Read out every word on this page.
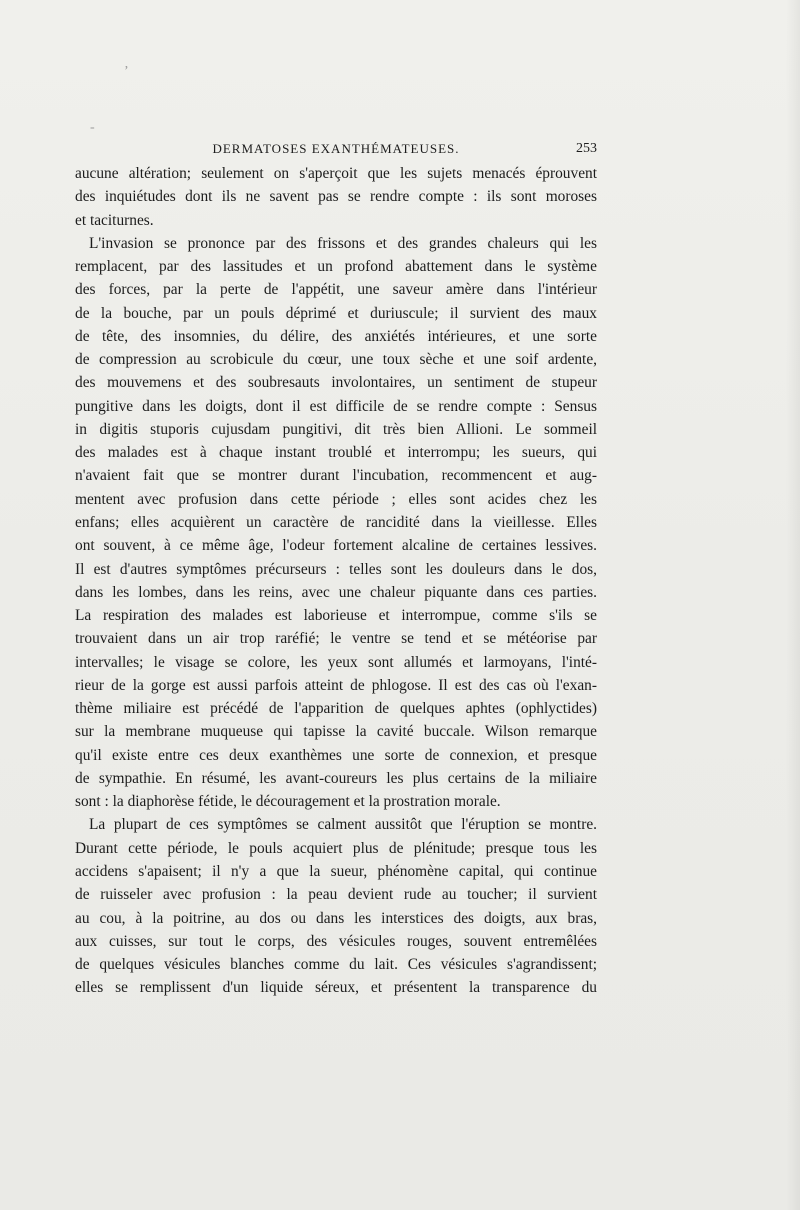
ʼ
‐
DERMATOSES EXANTHÉMATEUSES.	253
aucune altération; seulement on s'aperçoit que les sujets menacés éprouvent
des inquiétudes dont ils ne savent pas se rendre compte : ils sont moroses
et taciturnes.
L'invasion se prononce par des frissons et des grandes chaleurs qui les
remplacent, par des lassitudes et un profond abattement dans le système
des forces, par la perte de l'appétit, une saveur amère dans l'intérieur
de la bouche, par un pouls déprimé et duriuscule; il survient des maux
de tête, des insomnies, du délire, des anxiétés intérieures, et une sorte
de compression au scrobicule du cœur, une toux sèche et une soif ardente,
des mouvemens et des soubresauts involontaires, un sentiment de stupeur
pungitive dans les doigts, dont il est difficile de se rendre compte : Sensus
in digitis stuporis cujusdam pungitivi, dit très bien Allioni. Le sommeil
des malades est à chaque instant troublé et interrompu; les sueurs, qui
n'avaient fait que se montrer durant l'incubation, recommencent et aug-
mentent avec profusion dans cette période ; elles sont acides chez les
enfans; elles acquièrent un caractère de rancidité dans la vieillesse. Elles
ont souvent, à ce même âge, l'odeur fortement alcaline de certaines lessives.
Il est d'autres symptômes précurseurs : telles sont les douleurs dans le dos,
dans les lombes, dans les reins, avec une chaleur piquante dans ces parties.
La respiration des malades est laborieuse et interrompue, comme s'ils se
trouvaient dans un air trop raréfié; le ventre se tend et se météorise par
intervalles; le visage se colore, les yeux sont allumés et larmoyans, l'inté-
rieur de la gorge est aussi parfois atteint de phlogose. Il est des cas où l'exan-
thème miliaire est précédé de l'apparition de quelques aphtes (ophlyctides)
sur la membrane muqueuse qui tapisse la cavité buccale. Wilson remarque
qu'il existe entre ces deux exanthèmes une sorte de connexion, et presque
de sympathie. En résumé, les avant-coureurs les plus certains de la miliaire
sont : la diaphorèse fétide, le découragement et la prostration morale.
La plupart de ces symptômes se calment aussitôt que l'éruption se montre.
Durant cette période, le pouls acquiert plus de plénitude; presque tous les
accidens s'apaisent; il n'y a que la sueur, phénomène capital, qui continue
de ruisseler avec profusion : la peau devient rude au toucher; il survient
au cou, à la poitrine, au dos ou dans les interstices des doigts, aux bras,
aux cuisses, sur tout le corps, des vésicules rouges, souvent entremêlées
de quelques vésicules blanches comme du lait. Ces vésicules s'agrandissent;
elles se remplissent d'un liquide séreux, et présentent la transparence du
